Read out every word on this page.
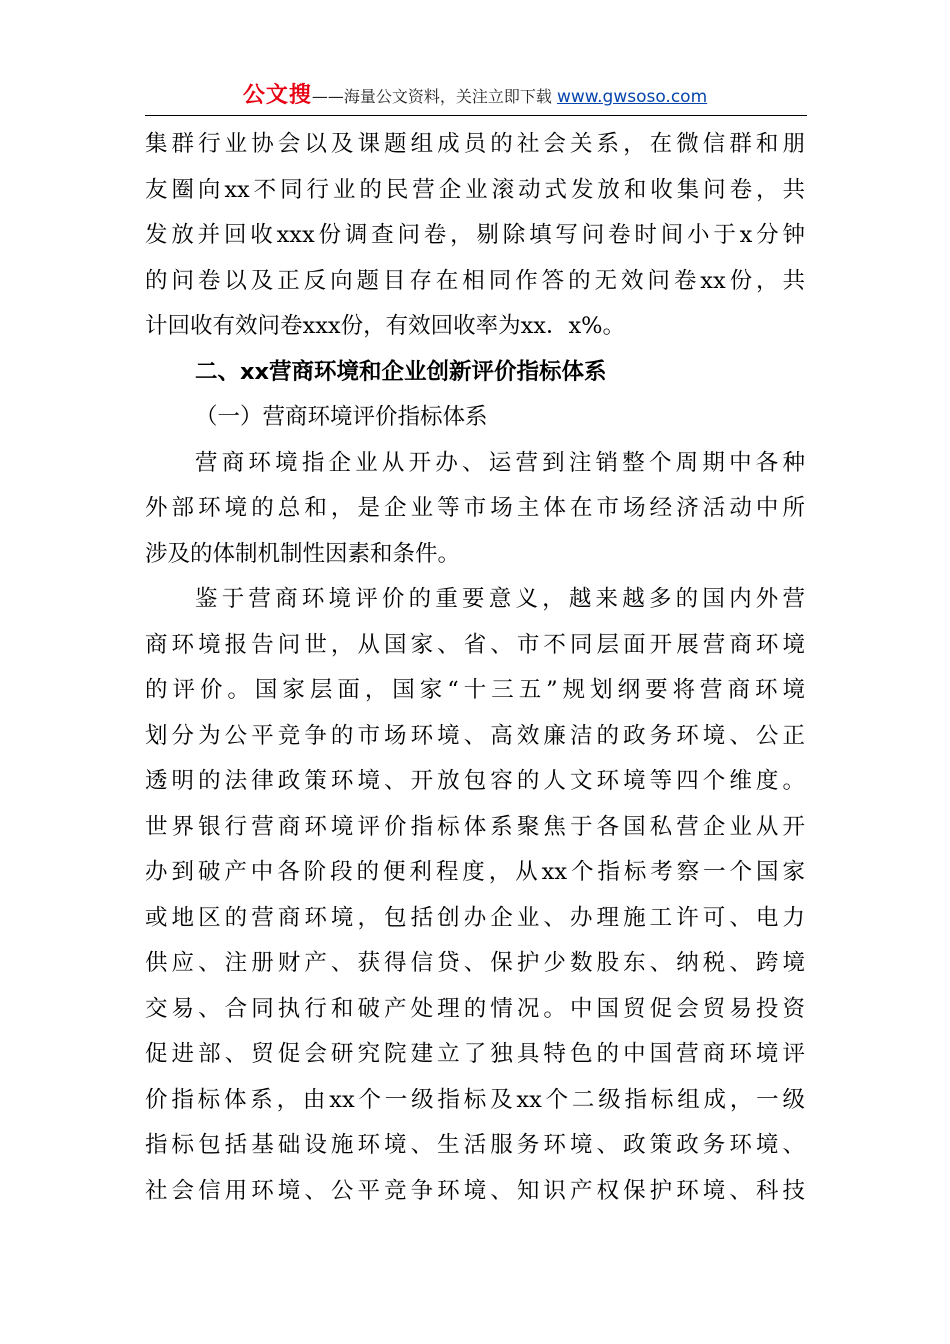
公文搜——海量公文资料，关注立即下载 www.gwsoso.com
集群行业协会以及课题组成员的社会关系，在微信群和朋
友圈向xx不同行业的民营企业滚动式发放和收集问卷，共
发放并回收xxx份调查问卷，剔除填写问卷时间小于x分钟
的问卷以及正反向题目存在相同作答的无效问卷xx份，共
计回收有效问卷xxx份，有效回收率为xx．x%。
二、xx营商环境和企业创新评价指标体系
（一）营商环境评价指标体系
营商环境指企业从开办、运营到注销整个周期中各种
外部环境的总和，是企业等市场主体在市场经济活动中所
涉及的体制机制性因素和条件。
鉴于营商环境评价的重要意义，越来越多的国内外营
商环境报告问世，从国家、省、市不同层面开展营商环境
的评价。国家层面，国家“十三五”规划纲要将营商环境
划分为公平竞争的市场环境、高效廉洁的政务环境、公正
透明的法律政策环境、开放包容的人文环境等四个维度。
世界银行营商环境评价指标体系聚焦于各国私营企业从开
办到破产中各阶段的便利程度，从xx个指标考察一个国家
或地区的营商环境，包括创办企业、办理施工许可、电力
供应、注册财产、获得信贷、保护少数股东、纳税、跨境
交易、合同执行和破产处理的情况。中国贸促会贸易投资
促进部、贸促会研究院建立了独具特色的中国营商环境评
价指标体系，由xx个一级指标及xx个二级指标组成，一级
指标包括基础设施环境、生活服务环境、政策政务环境、
社会信用环境、公平竞争环境、知识产权保护环境、科技
